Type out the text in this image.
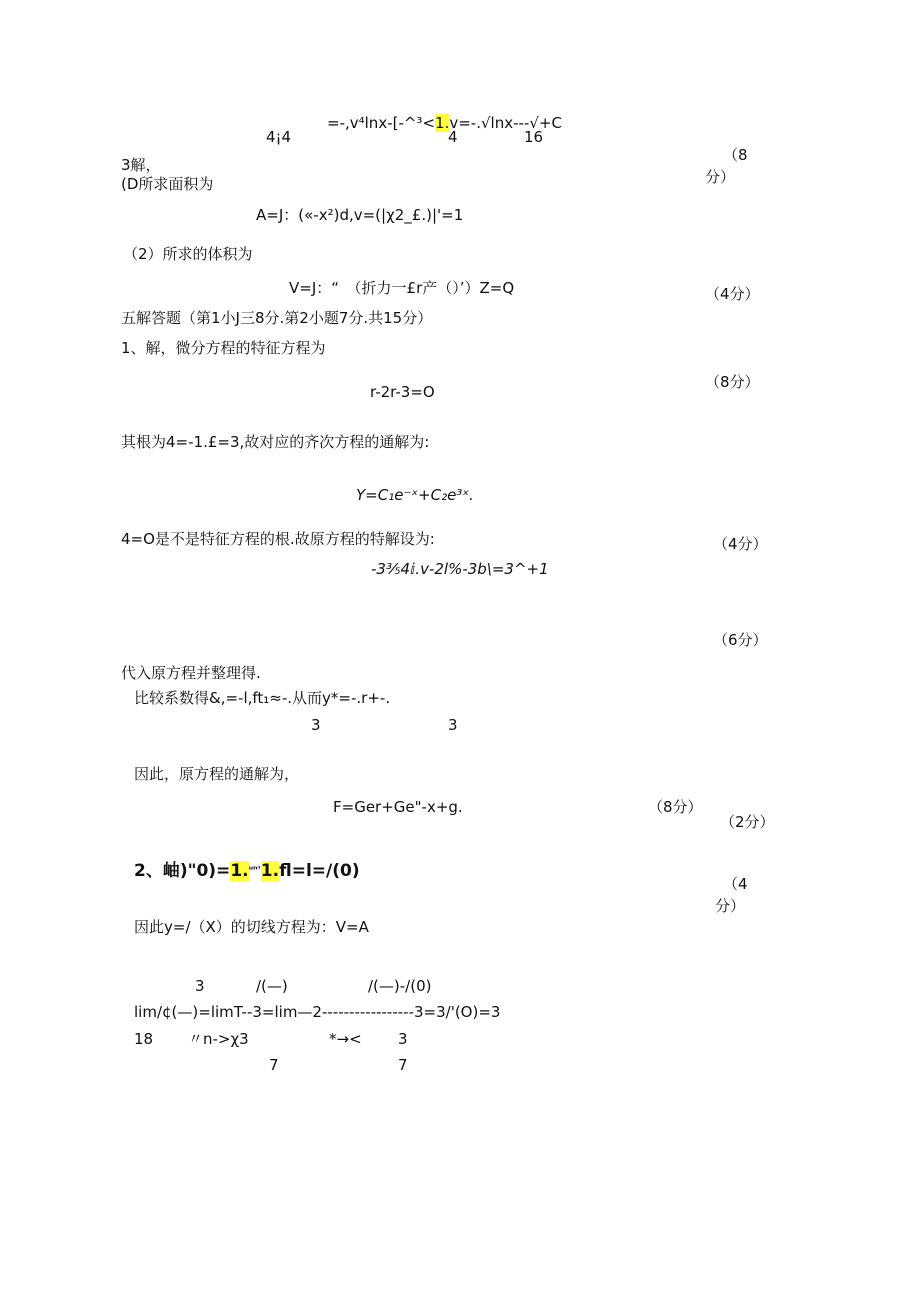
=-,v⁴lnx-[-^³<1.v=-.√lnx---√+C
4¡4	4	16
3解，
（8
分）
(D所求面积为
A=J：(«-x²)d,v=(|χ2_£.)|'=1
（2）所求的体积为
V=J：“　（折力一£r产（）’）Z=Q	（4分）
五解答题（第1小J三8分.第2小题7分.共15分）
1、解，微分方程的特征方程为
r-2r-3=O
（8分）
其根为4=-1.£=3,故对应的齐次方程的通解为:
Y=C₁e⁻ˣ+C₂e³ˣ.
4=O是不是特征方程的根.故原方程的特解设为:	（4分）
-3⅗4ⅈ.v-2l%-3b\=3^+1
（6分）
代入原方程并整理得.
比较系数得&,=-l,ft₁≈-.从而y*=-.r+-.
3	3
因此，原方程的通解为，
F=Ger+Ge"-x+g.	（8分）
（2分）
2、岫)"0)=1.$^{ᵘ^n'}$1.fl=l=∕(0)
（4
分）
因此y=/（X）的切线方程为：V=A
3	/(—)	/(—)-/(0)
lim/¢(—)=limT--3=lim—2-----------------3=3/'(O)=3
18 〃n->χ3	*→< 3
7	7
